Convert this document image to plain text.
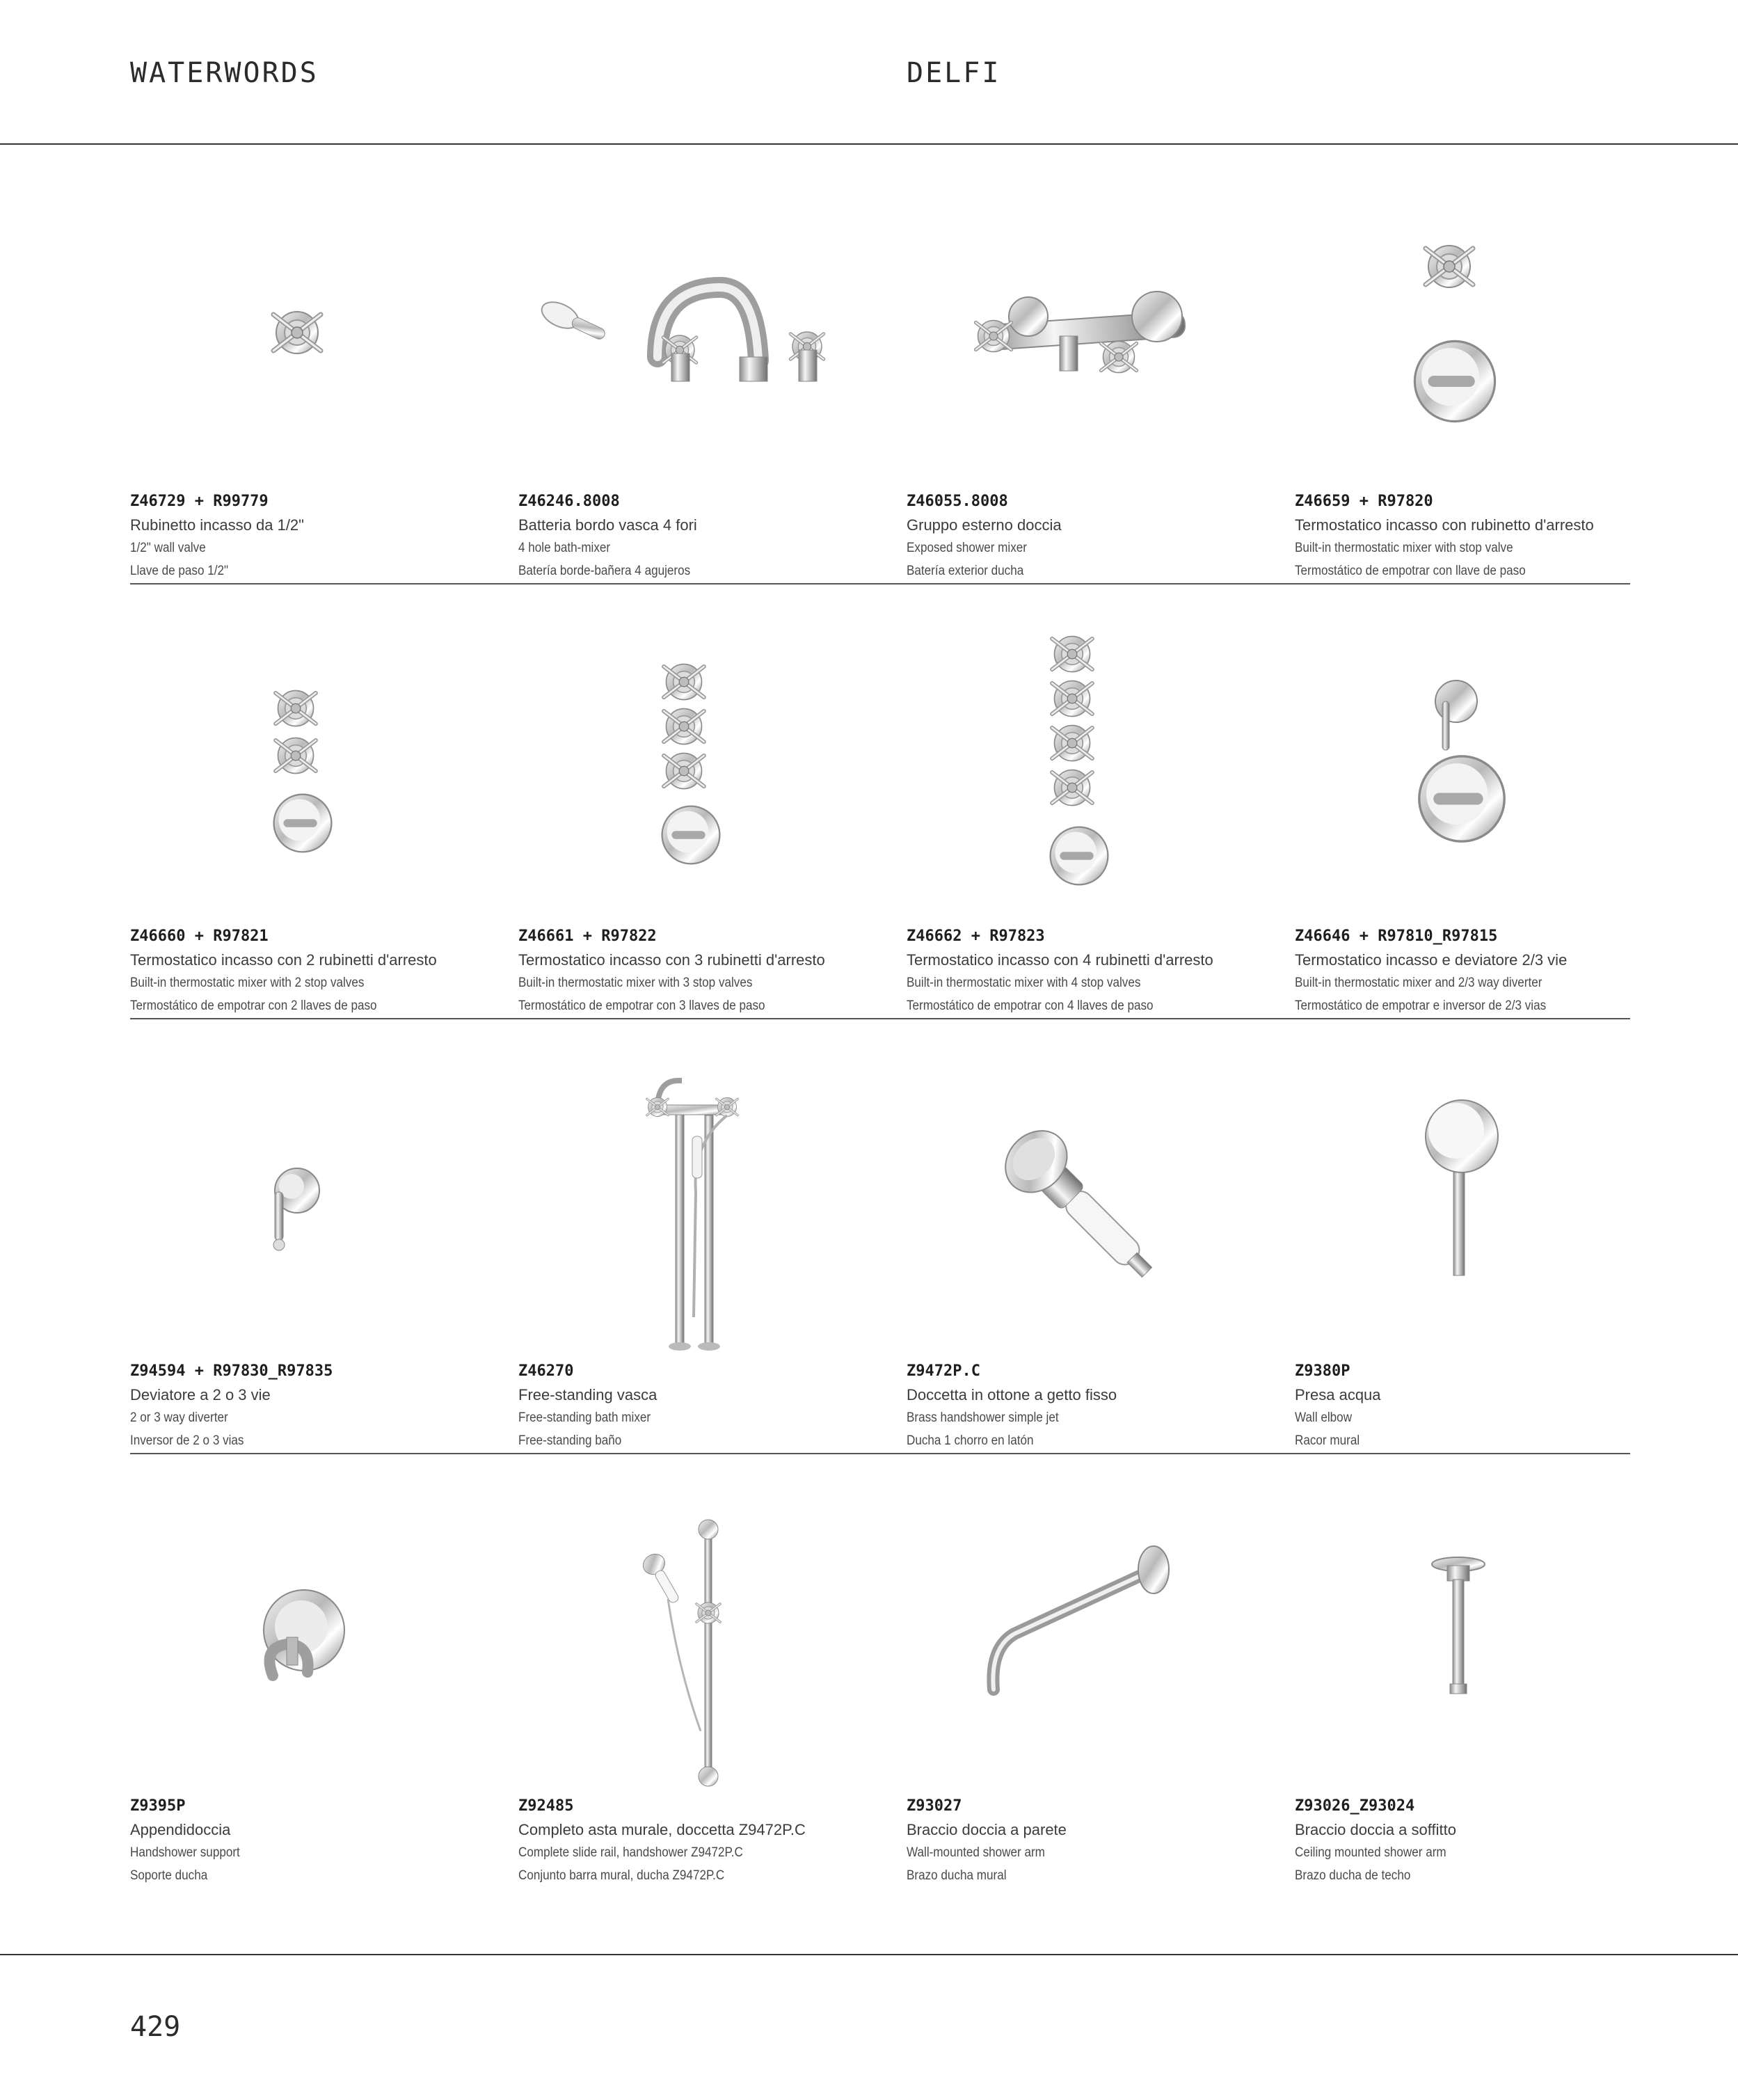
WATERWORDS	DELFI
Z46729 + R99779
Rubinetto incasso da 1/2"
1/2" wall valve
Llave de paso 1/2"
Z46246.8008
Batteria bordo vasca 4 fori
4 hole bath-mixer
Batería borde-bañera 4 agujeros
Z46055.8008
Gruppo esterno doccia
Exposed shower mixer
Batería exterior ducha
Z46659 + R97820
Termostatico incasso con rubinetto d'arresto
Built-in thermostatic mixer with stop valve
Termostático de empotrar con llave de paso
Z46660 + R97821
Termostatico incasso con 2 rubinetti d'arresto
Built-in thermostatic mixer with 2 stop valves
Termostático de empotrar con 2 llaves de paso
Z46661 + R97822
Termostatico incasso con 3 rubinetti d'arresto
Built-in thermostatic mixer with 3 stop valves
Termostático de empotrar con 3 llaves de paso
Z46662 + R97823
Termostatico incasso con 4 rubinetti d'arresto
Built-in thermostatic mixer with 4 stop valves
Termostático de empotrar con 4 llaves de paso
Z46646 + R97810_R97815
Termostatico incasso e deviatore 2/3 vie
Built-in thermostatic mixer and 2/3 way diverter
Termostático de empotrar e inversor de 2/3 vias
Z94594 + R97830_R97835
Deviatore a 2 o 3 vie
2 or 3 way diverter
Inversor de 2 o 3 vias
Z46270
Free-standing vasca
Free-standing bath mixer
Free-standing baño
Z9472P.C
Doccetta in ottone a getto fisso
Brass handshower simple jet
Ducha 1 chorro en latón
Z9380P
Presa acqua
Wall elbow
Racor mural
Z9395P
Appendidoccia
Handshower support
Soporte ducha
Z92485
Completo asta murale, doccetta Z9472P.C
Complete slide rail, handshower Z9472P.C
Conjunto barra mural, ducha Z9472P.C
Z93027
Braccio doccia a parete
Wall-mounted shower arm
Brazo ducha mural
Z93026_Z93024
Braccio doccia a soffitto
Ceiling mounted shower arm
Brazo ducha de techo
429
